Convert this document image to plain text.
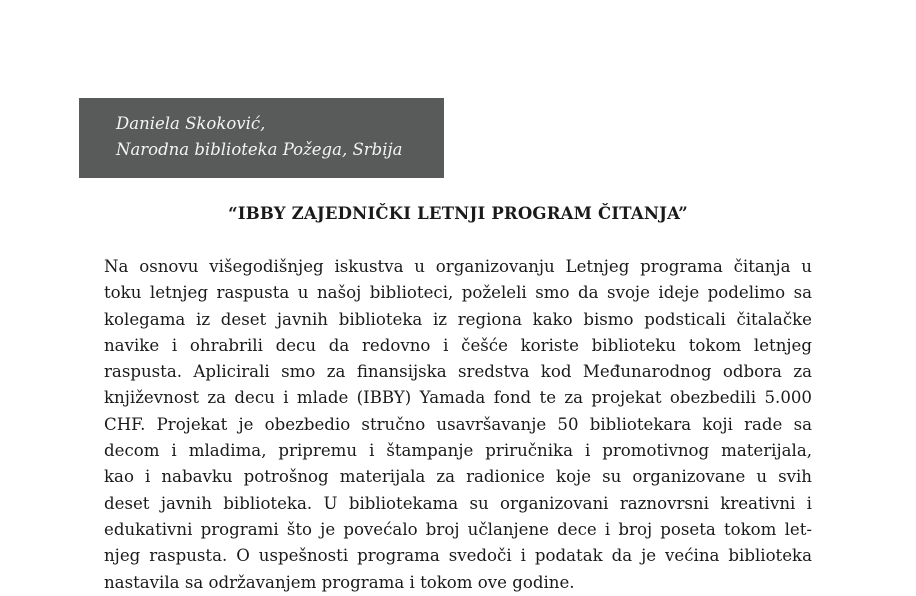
Daniela Skoković,
Narodna biblioteka Požega, Srbija
“IBBY ZAJEDNIČKI LETNJI PROGRAM ČITANJA”
Na osnovu višegodišnjeg iskustva u organizovanju Letnjeg programa čitanja u
toku letnjeg raspusta u našoj biblioteci, poželeli smo da svoje ideje podelimo sa
kolegama iz deset javnih biblioteka iz regiona kako bismo podsticali čitalačke
navike i ohrabrili decu da redovno i češće koriste biblioteku tokom letnjeg
raspusta. Aplicirali smo za finansijska sredstva kod Međunarodnog odbora za
književnost za decu i mlade (IBBY) Yamada fond te za projekat obezbedili 5.000
CHF. Projekat je obezbedio stručno usavršavanje 50 bibliotekara koji rade sa
decom i mladima, pripremu i štampanje priručnika i promotivnog materijala,
kao i nabavku potrošnog materijala za radionice koje su organizovane u svih
deset javnih biblioteka. U bibliotekama su organizovani raznovrsni kreativni i
edukativni programi što je povećalo broj učlanjene dece i broj poseta tokom let-
njeg raspusta. O uspešnosti programa svedoči i podatak da je većina biblioteka
nastavila sa održavanjem programa i tokom ove godine.
